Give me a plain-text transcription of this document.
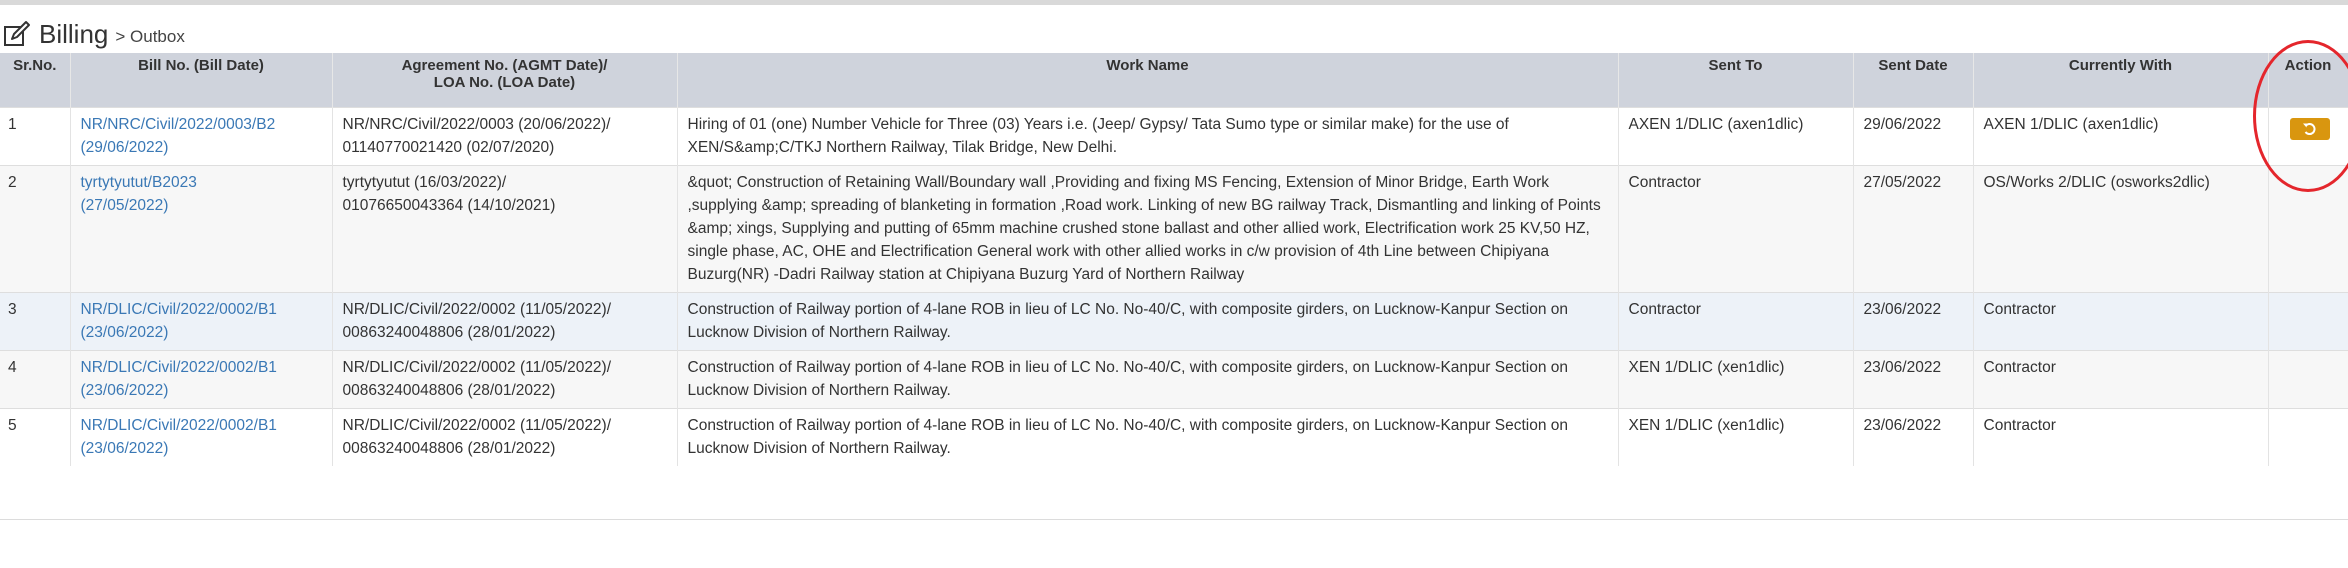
Billing > Outbox
Sr.No.	Bill No. (Bill Date)	Agreement No. (AGMT Date)/
LOA No. (LOA Date)	Work Name	Sent To	Sent Date	Currently With	Action
1	NR/NRC/Civil/2022/0003/B2
(29/06/2022)	NR/NRC/Civil/2022/0003 (20/06/2022)/
01140770021420 (02/07/2020)	Hiring of 01 (one) Number Vehicle for Three (03) Years i.e. (Jeep/ Gypsy/ Tata Sumo type or similar make) for the use of XEN/S&amp;C/TKJ Northern Railway, Tilak Bridge, New Delhi.	AXEN 1/DLIC (axen1dlic)	29/06/2022	AXEN 1/DLIC (axen1dlic)	
2	tyrtytyutut/B2023
(27/05/2022)	tyrtytyutut (16/03/2022)/
01076650043364 (14/10/2021)	&quot; Construction of Retaining Wall/Boundary wall ,Providing and fixing MS Fencing, Extension of Minor Bridge, Earth Work ,supplying &amp; spreading of blanketing in formation ,Road work. Linking of new BG railway Track, Dismantling and linking of Points &amp; xings, Supplying and putting of 65mm machine crushed stone ballast and other allied work, Electrification work 25 KV,50 HZ, single phase, AC, OHE and Electrification General work with other allied works in c/w provision of 4th Line between Chipiyana Buzurg(NR) -Dadri Railway station at Chipiyana Buzurg Yard of Northern Railway	Contractor	27/05/2022	OS/Works 2/DLIC (osworks2dlic)	
3	NR/DLIC/Civil/2022/0002/B1
(23/06/2022)	NR/DLIC/Civil/2022/0002 (11/05/2022)/
00863240048806 (28/01/2022)	Construction of Railway portion of 4-lane ROB in lieu of LC No. No-40/C, with composite girders, on Lucknow-Kanpur Section on Lucknow Division of Northern Railway.	Contractor	23/06/2022	Contractor	
4	NR/DLIC/Civil/2022/0002/B1
(23/06/2022)	NR/DLIC/Civil/2022/0002 (11/05/2022)/
00863240048806 (28/01/2022)	Construction of Railway portion of 4-lane ROB in lieu of LC No. No-40/C, with composite girders, on Lucknow-Kanpur Section on Lucknow Division of Northern Railway.	XEN 1/DLIC (xen1dlic)	23/06/2022	Contractor	
5	NR/DLIC/Civil/2022/0002/B1
(23/06/2022)	NR/DLIC/Civil/2022/0002 (11/05/2022)/
00863240048806 (28/01/2022)	Construction of Railway portion of 4-lane ROB in lieu of LC No. No-40/C, with composite girders, on Lucknow-Kanpur Section on Lucknow Division of Northern Railway.	XEN 1/DLIC (xen1dlic)	23/06/2022	Contractor	
